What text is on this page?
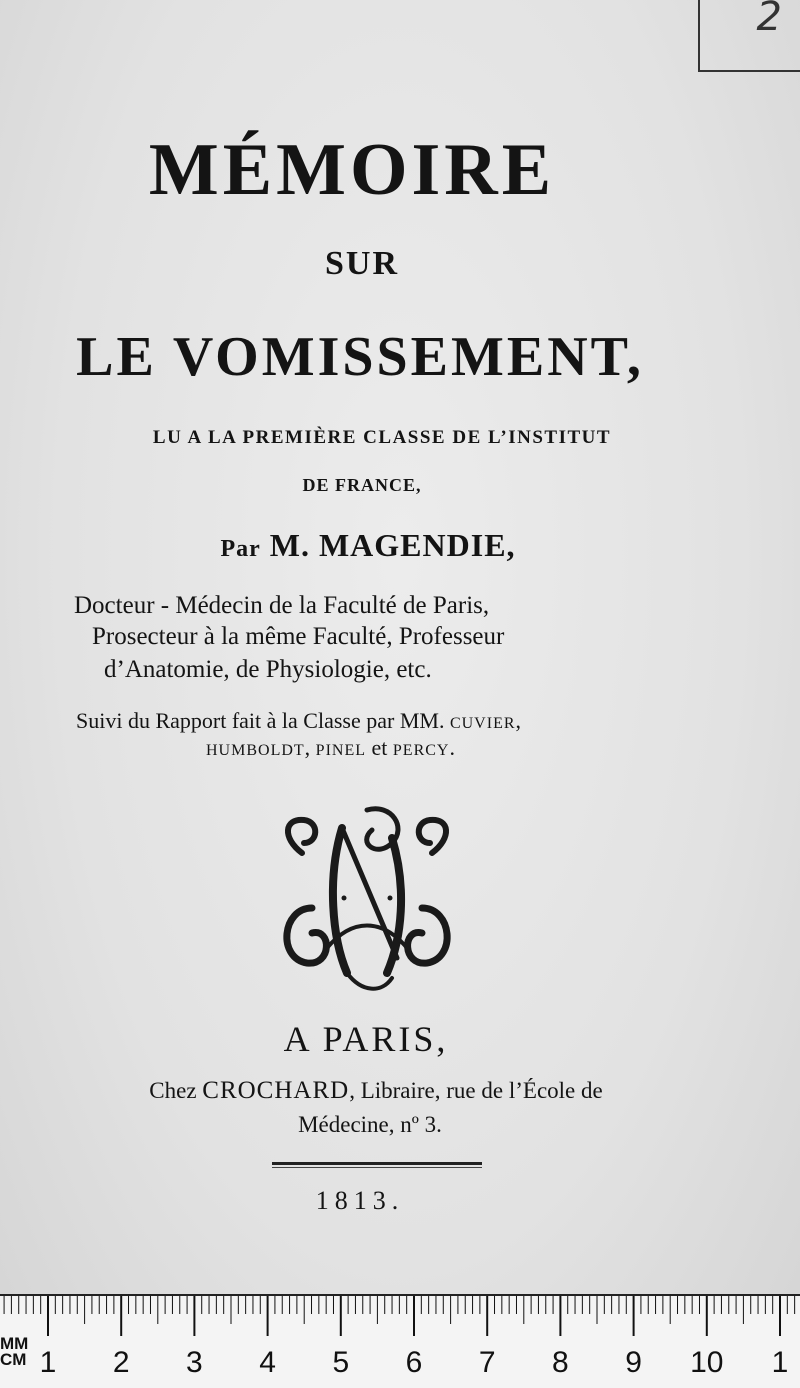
2
MÉMOIRE
SUR
LE VOMISSEMENT,
LU A LA PREMIÈRE CLASSE DE L’INSTITUT
DE FRANCE,
Par M. MAGENDIE,
Docteur - Médecin de la Faculté de Paris,
Prosecteur à la même Faculté, Professeur
d’Anatomie, de Physiologie, etc.
Suivi du Rapport fait à la Classe par MM. CUVIER,
HUMBOLDT, PINEL et PERCY.
A PARIS,
Chez CROCHARD, Libraire, rue de l’École de
Médecine, nº 3.
1813.
MM
CM 1 2 3 4 5 6 7 8 9 10 1
